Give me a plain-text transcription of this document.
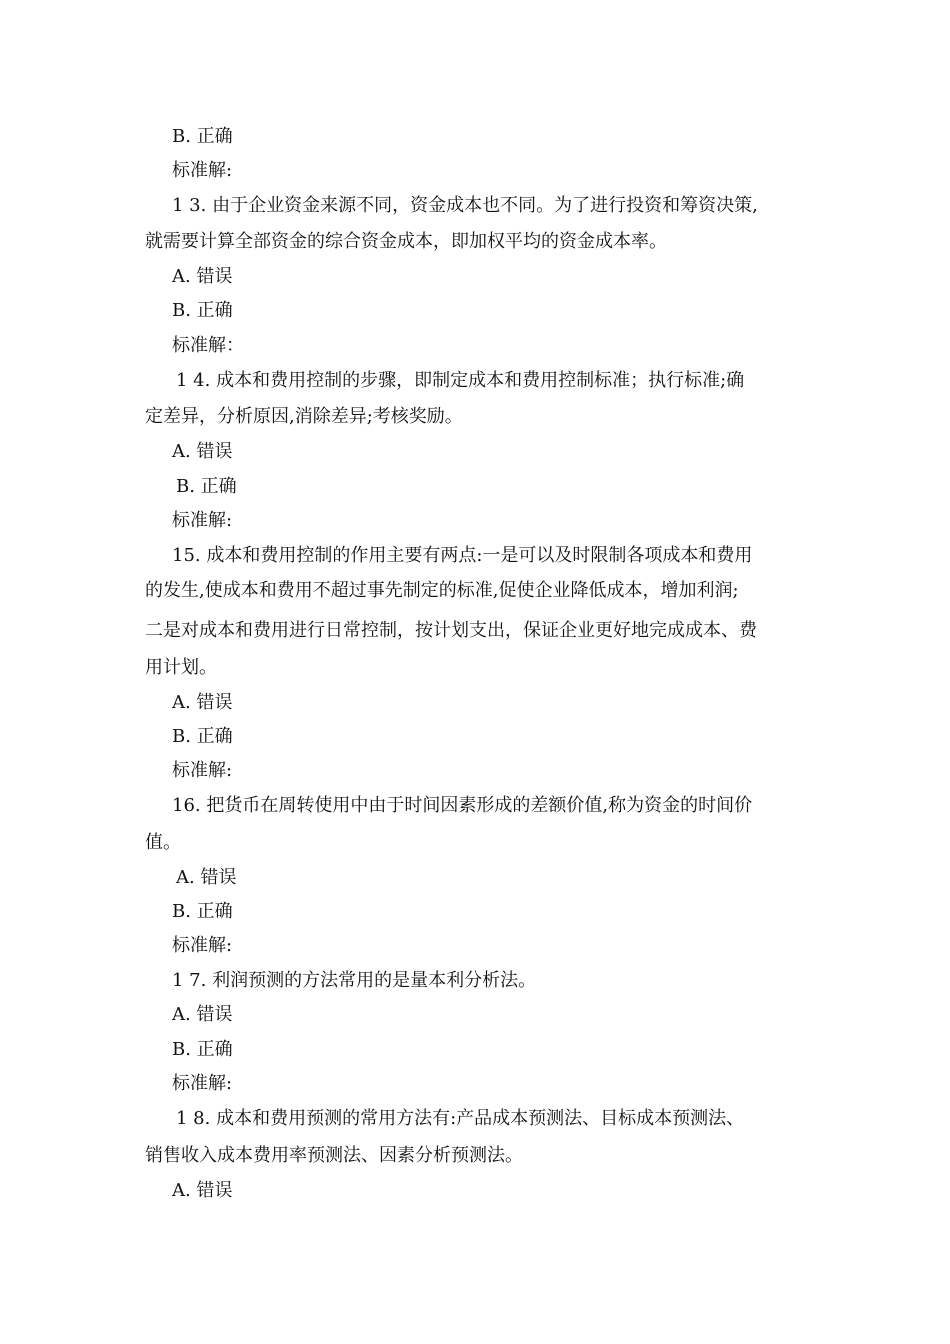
B. 正确
标准解:
1 3. 由于企业资金来源不同，资金成本也不同。为了进行投资和筹资决策,
就需要计算全部资金的综合资金成本，即加权平均的资金成本率。
A. 错误
B. 正确
标准解：
1 4. 成本和费用控制的步骤，即制定成本和费用控制标准；执行标准;确
定差异，分析原因,消除差异;考核奖励。
A. 错误
B. 正确
标准解:
15. 成本和费用控制的作用主要有两点:一是可以及时限制各项成本和费用
的发生,使成本和费用不超过事先制定的标准,促使企业降低成本，增加利润;
二是对成本和费用进行日常控制，按计划支出，保证企业更好地完成成本、费
用计划。
A. 错误
B. 正确
标准解:
16. 把货币在周转使用中由于时间因素形成的差额价值,称为资金的时间价
值。
A. 错误
B. 正确
标准解:
1 7. 利润预测的方法常用的是量本利分析法。
A. 错误
B. 正确
标准解:
1 8. 成本和费用预测的常用方法有:产品成本预测法、目标成本预测法、
销售收入成本费用率预测法、因素分析预测法。
A. 错误
